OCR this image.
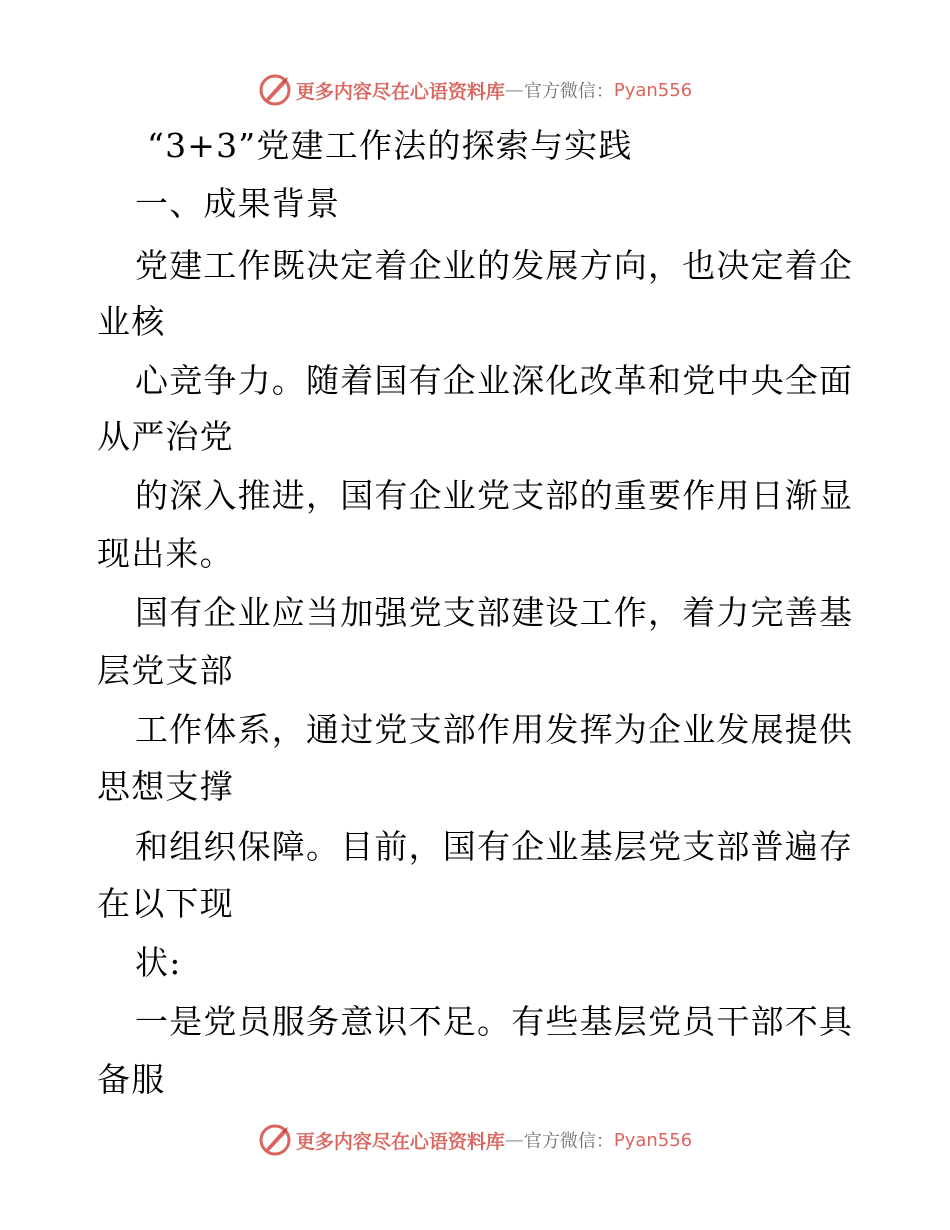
更多内容尽在心语资料库 — 官方微信： Pyan556
“3+3”党建工作法的探索与实践
一、成果背景
党建工作既决定着企业的发展方向，也决定着企
业核
心竞争力。随着国有企业深化改革和党中央全面
从严治党
的深入推进，国有企业党支部的重要作用日渐显
现出来。
国有企业应当加强党支部建设工作，着力完善基
层党支部
工作体系，通过党支部作用发挥为企业发展提供
思想支撑
和组织保障。目前，国有企业基层党支部普遍存
在以下现
状:
一是党员服务意识不足。有些基层党员干部不具
备服
更多内容尽在心语资料库 — 官方微信： Pyan556
